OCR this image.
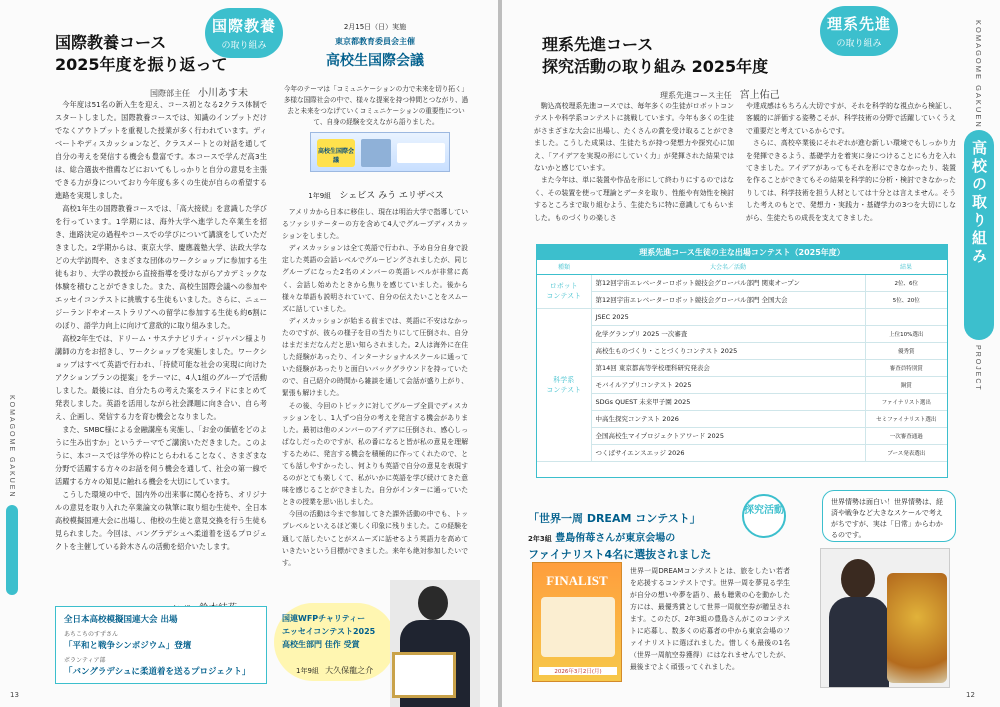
KOMAGOME GAKUEN
国際教養
の取り組み
国際教養コース
2025年度を振り返って
国際部主任 小川あす未

今年度は51名の新入生を迎え、コース初となる2クラス体制でスタートしました。国際教養コースでは、知識のインプットだけでなくアウトプットを重視した授業が多く行われています。ディベートやディスカッションなど、クラスメートとの対話を通して自分の考えを発信する機会も豊富です。本コースで学んだ高3生は、総合選抜や推薦などにおいてもしっかりと自分の意見を主張できる力が身についており今年度も多くの生徒が自らの希望する進路を実現しました。

高校1年生の国際教養コースでは、「高大接続」を意識した学びを行っています。1学期には、海外大学へ進学した卒業生を招き、進路決定の過程やコースでの学びについて講演をしていただきました。2学期からは、東京大学、慶應義塾大学、法政大学などの大学訪問や、さまざまな団体のワークショップに参加する生徒もおり、大学の教授から直接指導を受けながらアカデミックな体験を積むことができました。また、高校生国際会議への参加やエッセイコンテストに挑戦する生徒もいました。さらに、ニュージーランドやオーストラリアへの留学に参加する生徒も約6割にのぼり、語学力向上に向けて意欲的に取り組みました。

高校2年生では、ドリーム・サステナビリティ・ジャパン様より講師の方をお招きし、ワークショップを実施しました。ワークショップはすべて英語で行われ、「持続可能な社会の実現に向けたアクションプランの提案」をテーマに、4人1組のグループで活動しました。最後には、自分たちの考えた案をスライドにまとめて発表しました。英語を活用しながら社会課題に向き合い、自ら考え、企画し、発信する力を育む機会となりました。

また、SMBC様による金融講座も実施し、「お金の価値をどのように生み出すか」というテーマでご講演いただきました。このように、本コースでは学外の枠にとらわれることなく、さまざまな分野で活躍する方々のお話を伺う機会を通して、社会の第一線で活躍する方々の知見に触れる機会を大切にしています。

こうした環境の中で、国内外の出来事に関心を持ち、オリジナルの意見を取り入れた卒業論文の執筆に取り組む生徒や、全日本高校模擬国連大会に出場し、他校の生徒と意見交換を行う生徒も見られました。今回は、バングラデシュへ柔道着を送るプロジェクトを主催している鈴木さんの活動を紹介いたします。

全日本高校模擬国連大会 出場
あちこちのすずさん
「平和と戦争シンポジウム」登壇
ボランティア部
「バングラデシュに柔道着を送るプロジェクト」
2月15日（日）実施
東京都教育委員会主催
高校生国際会議
今年のテーマは「コミュニケーションの力で未来を切り拓く」多様な国際社会の中で、様々な提案を持つ仲間とつながり、過去と未来をつなげていくコミュニケーションの重要性について、自身の経験を交えながら語りました。
高校生国際会議
1年9組 シェビス みう エリザベス

アメリカから日本に移住し、現在は明治大学で指導しているファシリテーターの方を含めて4人でグループディスカッションをしました。

ディスカッションは全て英語で行われ、予め自分自身で設定した英語の会話レベルでグルーピングされましたが、同じグループになった2名のメンバーの英語レベルが非常に高く、会話し始めたときから焦りを感じていました。後から様々な単語も説明されていて、自分の伝えたいことをスムーズに話していました。

ディスカッションが始まる前までは、英語に不安はなかったのですが、彼らの様子を目の当たりにして圧倒され、自分はまだまだなんだと思い知らされました。2人は海外に在住した経験があったり、インターナショナルスクールに通っていた経験があったりと面白いバックグラウンドを持っていたので、自己紹介の時間から雑談を通して会話が盛り上がり、緊張も解けました。

その後、今回のトピックに対してグループ全員でディスカッションをし、1人ずつ自分の考えを発言する機会がありました。最初は他のメンバーのアイデアに圧倒され、感心しっぱなしだったのですが、私の番になると皆が私の意見を理解するために、発言する機会を積極的に作ってくれたので、とても話しやすかったし、何よりも英語で自分の意見を表現するのがとても楽しくて、私がいかに英語を学び続けてきた意味を感じることができました。自分がインターに通っていたときの授業を思い出しました。

今回の活動は今まで参加してきた課外活動の中でも、トップレベルといえるほど楽しく印象に残りました。この経験を通して話したいことがスムーズに話せるよう英語力を高めていきたいという目標ができました。来年も絶対参加したいです。

国連WFPチャリティー
エッセイコンテスト2025
高校生部門 佳作 受賞
1年9組 大久保龍之介
13
KOMAGOME GAKUEN
高校の取り組み
PROJECT
理系先進
の取り組み
理系先進コース
探究活動の取り組み 2025年度
理系先進コース主任 宮上佑己

駒込高校理系先進コースでは、毎年多くの生徒がロボットコンテストや科学系コンテストに挑戦しています。今年も多くの生徒がさまざまな大会に出場し、たくさんの賞を受け取ることができました。こうした成果は、生徒たちが持つ発想力や探究心に加え、「アイデアを実現の形にしていく力」が発揮された結果ではないかと感じています。

また今年は、単に装置や作品を形にして終わりにするのではなく、その装置を使って理論とデータを取り、性能や有効性を検討するところまで取り組むよう、生徒たちに特に意識してもらいました。ものづくりの楽しさ

や達成感はもちろん大切ですが、それを科学的な視点から検証し、客観的に評価する姿勢こそが、科学技術の分野で活躍していくうえで重要だと考えているからです。

さらに、高校卒業後にそれぞれが進む新しい環境でもしっかり力を発揮できるよう、基礎学力を着実に身につけることにも力を入れてきました。アイデアがあってもそれを形にできなかったり、装置を作ることができてもその結果を科学的に分析・検討できなかったりしては、科学技術を担う人材としては十分とは言えません。そうした考えのもとで、発想力・実践力・基礎学力の3つを大切にしながら、生徒たちの成長を支えてきました。

理系先進コース生徒の主な出場コンテスト（2025年度）
種類	大会名／活動	結果
ロボット
コンテスト	第12回宇宙エレベーターロボット競技会グローバル部門 関東オープン	2位、6位
	第12回宇宙エレベーターロボット競技会グローバル部門 全国大会	5位、20位
科学系
コンテスト	JSEC 2025	
	化学グランプリ 2025 一次審査	上位10%選出
	高校生ものづくり・ことづくりコンテスト 2025	優秀賞
	第14回 東京都高等学校理科研究発表会	審査員特別賞
	モバイルアプリコンテスト 2025	銅賞
	SDGs QUEST 未来甲子園 2025	ファイナリスト選出
	中高生探究コンテスト 2026	セミファイナリスト選出
	全国高校生マイプロジェクトアワード 2025	一次審査通過
	つくばサイエンスエッジ 2026	ブース発表選出
「世界一周 DREAM コンテスト」
2年3組 豊島侑苺さんが東京会場の
ファイナリスト4名に選抜されました
探究活動
世界情勢は面白い！世界情勢は、経済や戦争など大きなスケールで考えがちですが、実は「日常」からわかるのです。
FINALIST
2026年3月2日(月)
世界一周DREAMコンテストとは、旅をしたい若者を応援するコンテストです。世界一周を夢見る学生が自分の想いや夢を語り、最も聴衆の心を動かした方には、最優秀賞として世界一周航空券が贈呈されます。このたび、2年3組の豊島さんがこのコンテストに応募し、数多くの応募者の中から東京会場のファイナリストに選ばれました。惜しくも最後の1名（世界一周航空券獲得）にはなれませんでしたが、最後までよく頑張ってくれました。
12
